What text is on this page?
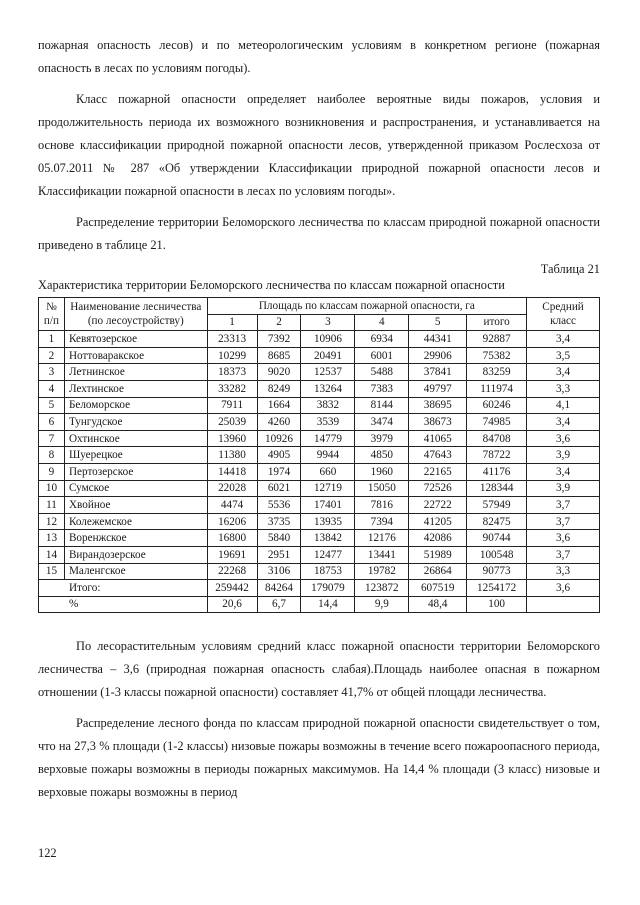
пожарная опасность лесов) и по метеорологическим условиям в конкретном регионе (пожарная опасность в лесах по условиям погоды).

Класс пожарной опасности определяет наиболее вероятные виды пожаров, условия и продолжительность периода их возможного возникновения и распространения, и устанавливается на основе классификации природной пожарной опасности лесов, утвержденной приказом Рослесхоза от 05.07.2011 № 287 «Об утверждении Классификации природной пожарной опасности лесов и Классификации пожарной опасности в лесах по условиям погоды».

Распределение территории Беломорского лесничества по классам природной пожарной опасности приведено в таблице 21.

Таблица 21
Характеристика территории Беломорского лесничества по классам пожарной опасности
№ п/п	Наименование лесничества (по лесоустройству)	Площадь по классам пожарной опасности, га						Средний класс
		1	2	3	4	5	итого	
1	Кевятозерское	23313	7392	10906	6934	44341	92887	3,4
2	Ноттоваракское	10299	8685	20491	6001	29906	75382	3,5
3	Летнинское	18373	9020	12537	5488	37841	83259	3,4
4	Лехтинское	33282	8249	13264	7383	49797	111974	3,3
5	Беломорское	7911	1664	3832	8144	38695	60246	4,1
6	Тунгудское	25039	4260	3539	3474	38673	74985	3,4
7	Охтинское	13960	10926	14779	3979	41065	84708	3,6
8	Шуерецкое	11380	4905	9944	4850	47643	78722	3,9
9	Пертозерское	14418	1974	660	1960	22165	41176	3,4
10	Сумское	22028	6021	12719	15050	72526	128344	3,9
11	Хвойное	4474	5536	17401	7816	22722	57949	3,7
12	Колежемское	16206	3735	13935	7394	41205	82475	3,7
13	Воренжское	16800	5840	13842	12176	42086	90744	3,6
14	Вирандозерское	19691	2951	12477	13441	51989	100548	3,7
15	Маленгское	22268	3106	18753	19782	26864	90773	3,3
Итого:		259442	84264	179079	123872	607519	1254172	3,6
%		20,6	6,7	14,4	9,9	48,4	100	

По лесорастительным условиям средний класс пожарной опасности территории Беломорского лесничества – 3,6 (природная пожарная опасность слабая).Площадь наиболее опасная в пожарном отношении (1-3 классы пожарной опасности) составляет 41,7% от общей площади лесничества.

Распределение лесного фонда по классам природной пожарной опасности свидетельствует о том, что на 27,3 % площади (1-2 классы) низовые пожары возможны в течение всего пожароопасного периода, верховые пожары возможны в периоды пожарных максимумов. На 14,4 % площади (3 класс) низовые и верховые пожары возможны в период

122
